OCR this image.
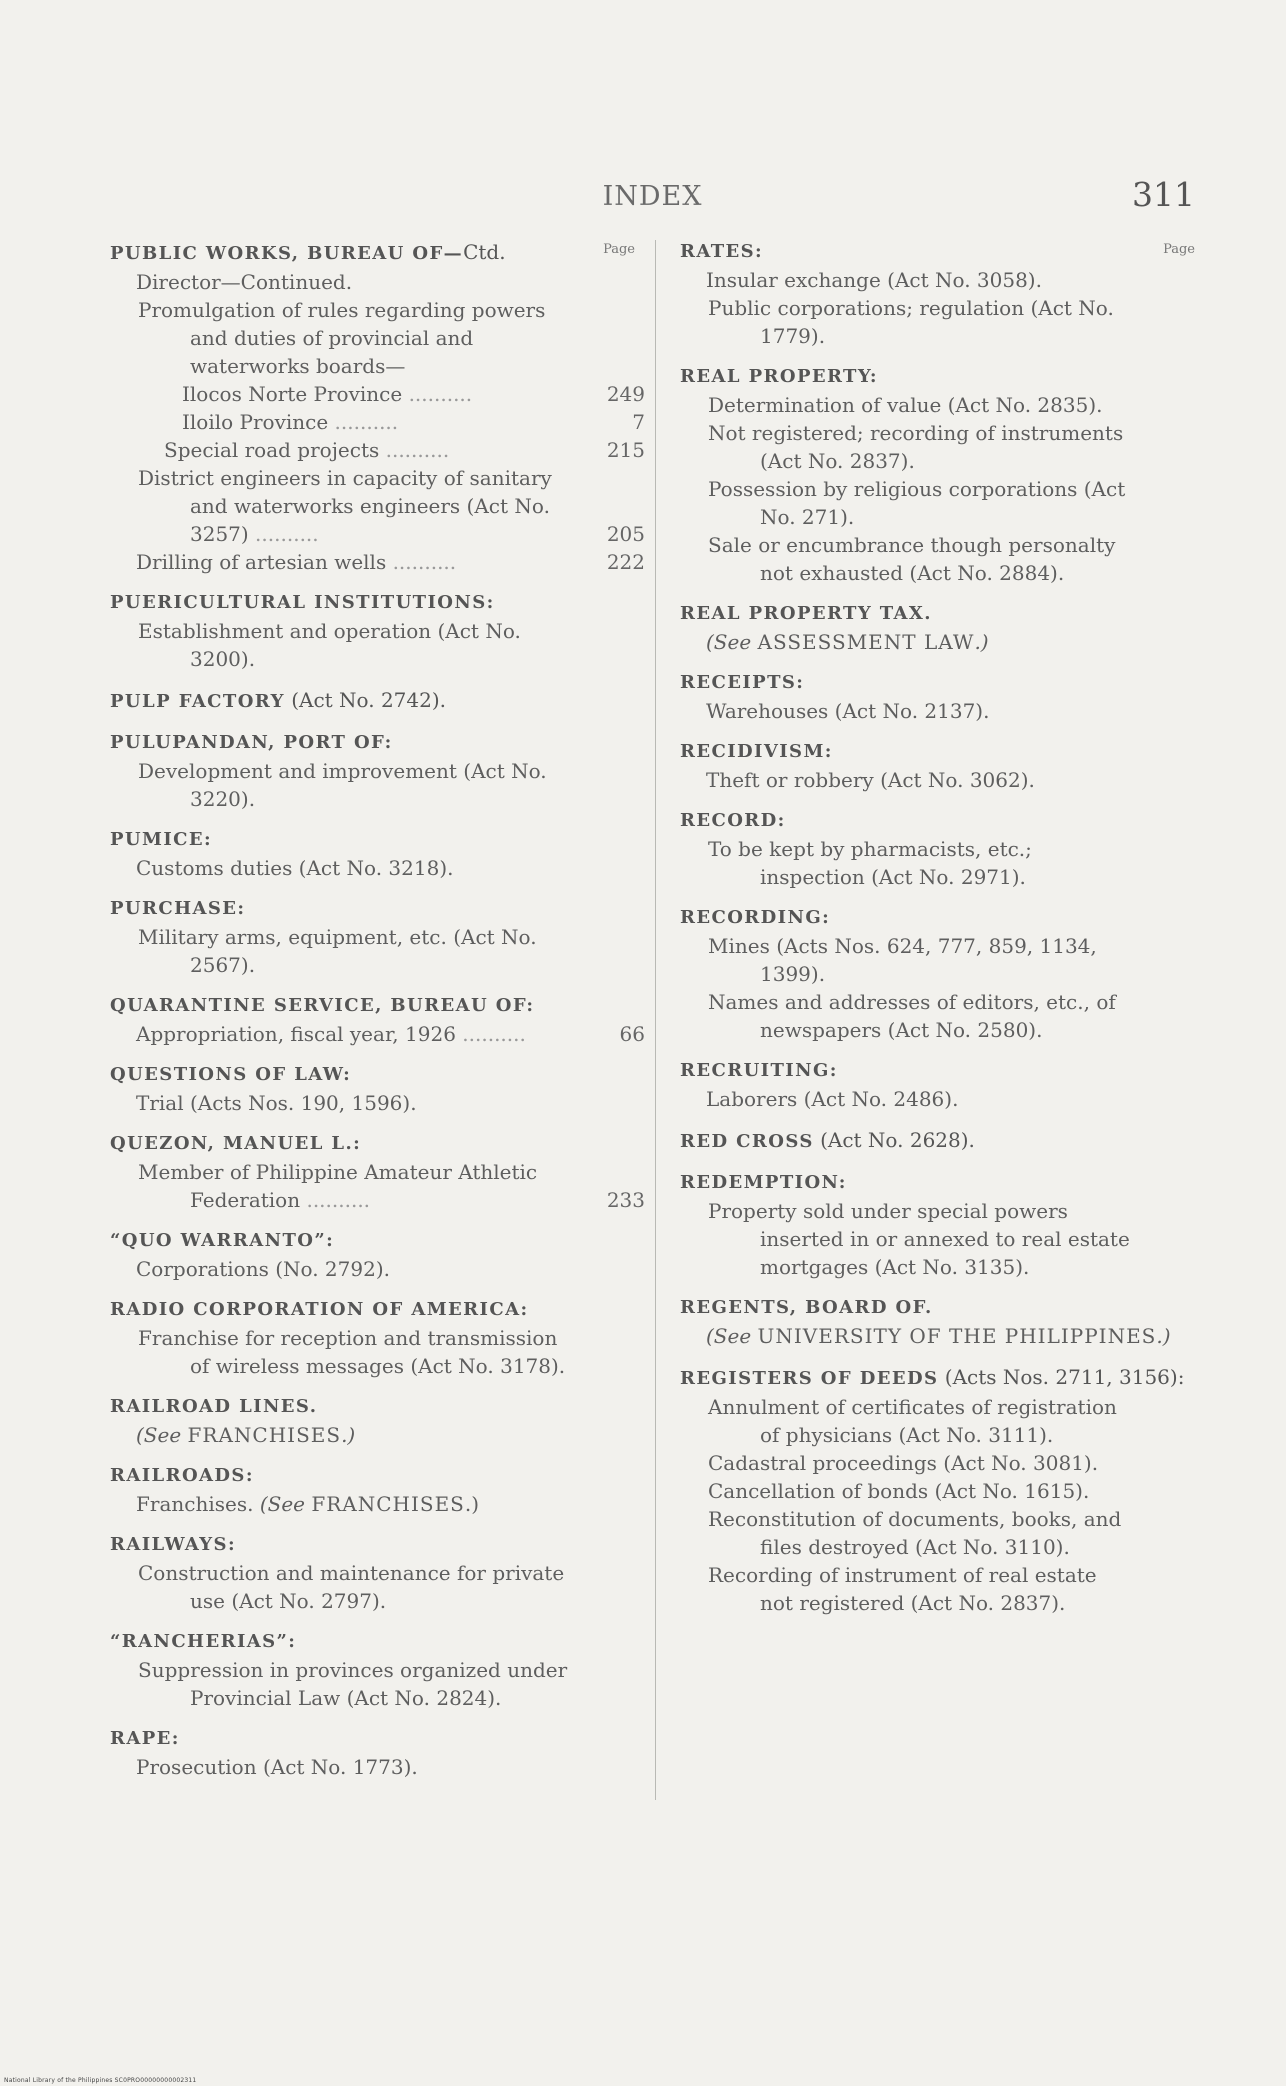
INDEX	311
Page
PUBLIC WORKS, BUREAU OF—Ctd.
Director—Continued.
Promulgation of rules regarding powers and duties of provincial and waterworks boards—
Ilocos Norte Province ..........	249
Iloilo Province ..........	7
Special road projects ..........	215
District engineers in capacity of sanitary and waterworks engineers (Act No. 3257) ..........	205
Drilling of artesian wells ..........	222
PUERICULTURAL INSTITUTIONS:
Establishment and operation (Act No. 3200).
PULP FACTORY (Act No. 2742).
PULUPANDAN, PORT OF:
Development and improvement (Act No. 3220).
PUMICE:
Customs duties (Act No. 3218).
PURCHASE:
Military arms, equipment, etc. (Act No. 2567).
QUARANTINE SERVICE, BUREAU OF:
Appropriation, fiscal year, 1926 ..........	66
QUESTIONS OF LAW:
Trial (Acts Nos. 190, 1596).
QUEZON, MANUEL L.:
Member of Philippine Amateur Athletic Federation ..........	233
“QUO WARRANTO”:
Corporations (No. 2792).
RADIO CORPORATION OF AMERICA:
Franchise for reception and transmission of wireless messages (Act No. 3178).
RAILROAD LINES.
(See FRANCHISES.)
RAILROADS:
Franchises. (See FRANCHISES.)
RAILWAYS:
Construction and maintenance for private use (Act No. 2797).
“RANCHERIAS”:
Suppression in provinces organized under Provincial Law (Act No. 2824).
RAPE:
Prosecution (Act No. 1773).
Page
RATES:
Insular exchange (Act No. 3058).
Public corporations; regulation (Act No. 1779).
REAL PROPERTY:
Determination of value (Act No. 2835).
Not registered; recording of instruments (Act No. 2837).
Possession by religious corporations (Act No. 271).
Sale or encumbrance though personalty not exhausted (Act No. 2884).
REAL PROPERTY TAX.
(See ASSESSMENT LAW.)
RECEIPTS:
Warehouses (Act No. 2137).
RECIDIVISM:
Theft or robbery (Act No. 3062).
RECORD:
To be kept by pharmacists, etc.; inspection (Act No. 2971).
RECORDING:
Mines (Acts Nos. 624, 777, 859, 1134, 1399).
Names and addresses of editors, etc., of newspapers (Act No. 2580).
RECRUITING:
Laborers (Act No. 2486).
RED CROSS (Act No. 2628).
REDEMPTION:
Property sold under special powers inserted in or annexed to real estate mortgages (Act No. 3135).
REGENTS, BOARD OF.
(See UNIVERSITY OF THE PHILIPPINES.)
REGISTERS OF DEEDS (Acts Nos. 2711, 3156):
Annulment of certificates of registration of physicians (Act No. 3111).
Cadastral proceedings (Act No. 3081).
Cancellation of bonds (Act No. 1615).
Reconstitution of documents, books, and files destroyed (Act No. 3110).
Recording of instrument of real estate not registered (Act No. 2837).
National Library of the Philippines SC0PRO00000000002311
